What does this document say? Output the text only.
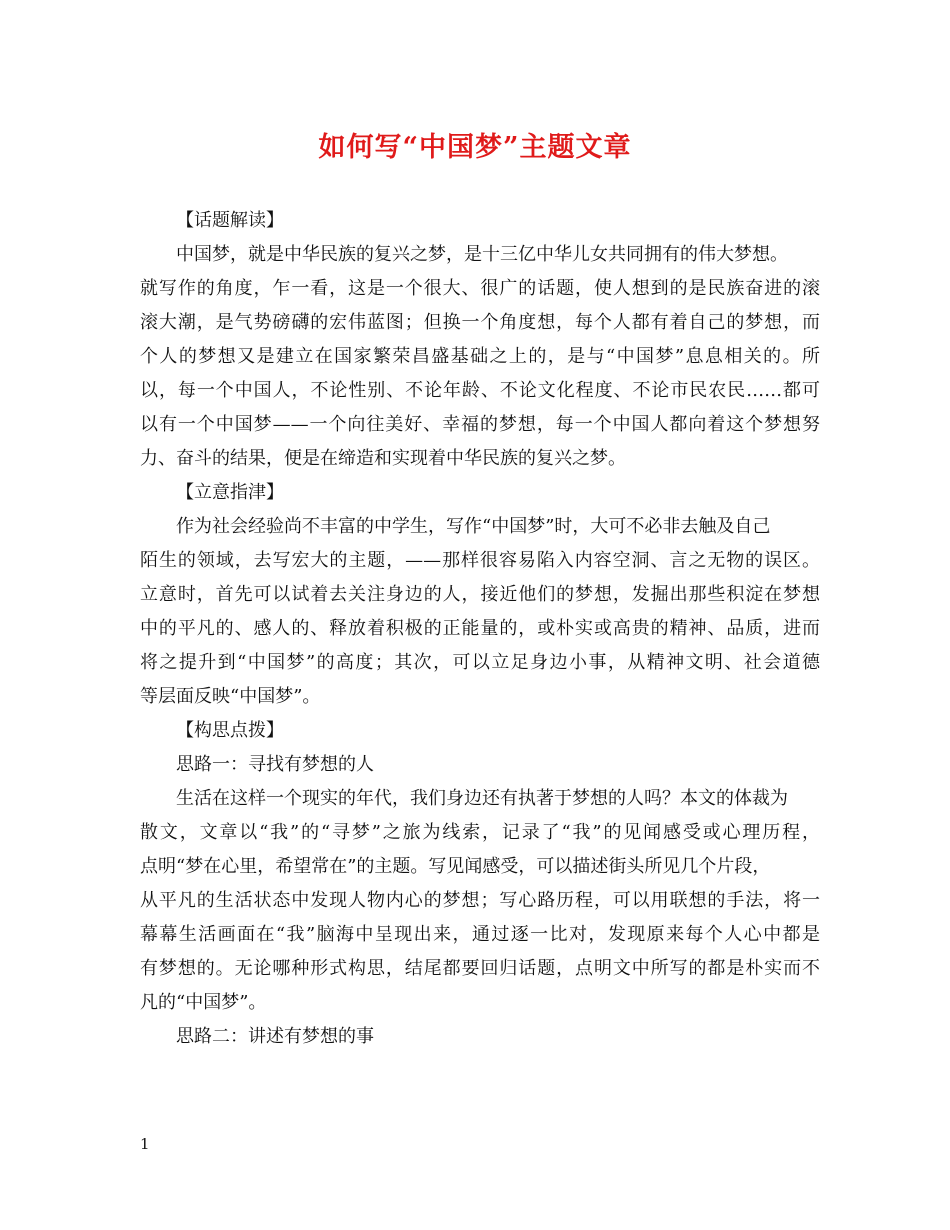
如何写“中国梦”主题文章
【话题解读】
中国梦，就是中华民族的复兴之梦，是十三亿中华儿女共同拥有的伟大梦想。
就写作的角度，乍一看，这是一个很大、很广的话题，使人想到的是民族奋进的滚
滚大潮，是气势磅礴的宏伟蓝图；但换一个角度想，每个人都有着自己的梦想，而
个人的梦想又是建立在国家繁荣昌盛基础之上的，是与“中国梦”息息相关的。所
以，每一个中国人，不论性别、不论年龄、不论文化程度、不论市民农民……都可
以有一个中国梦——一个向往美好、幸福的梦想，每一个中国人都向着这个梦想努
力、奋斗的结果，便是在缔造和实现着中华民族的复兴之梦。
【立意指津】
作为社会经验尚不丰富的中学生，写作“中国梦”时，大可不必非去触及自己
陌生的领域，去写宏大的主题，——那样很容易陷入内容空洞、言之无物的误区。
立意时，首先可以试着去关注身边的人，接近他们的梦想，发掘出那些积淀在梦想
中的平凡的、感人的、释放着积极的正能量的，或朴实或高贵的精神、品质，进而
将之提升到“中国梦”的高度；其次，可以立足身边小事，从精神文明、社会道德
等层面反映“中国梦”。
【构思点拨】
思路一：寻找有梦想的人
生活在这样一个现实的年代，我们身边还有执著于梦想的人吗？本文的体裁为
散文，文章以“我”的“寻梦”之旅为线索，记录了“我”的见闻感受或心理历程，
点明“梦在心里，希望常在”的主题。写见闻感受，可以描述街头所见几个片段，
从平凡的生活状态中发现人物内心的梦想；写心路历程，可以用联想的手法，将一
幕幕生活画面在“我”脑海中呈现出来，通过逐一比对，发现原来每个人心中都是
有梦想的。无论哪种形式构思，结尾都要回归话题，点明文中所写的都是朴实而不
凡的“中国梦”。
思路二：讲述有梦想的事
1
